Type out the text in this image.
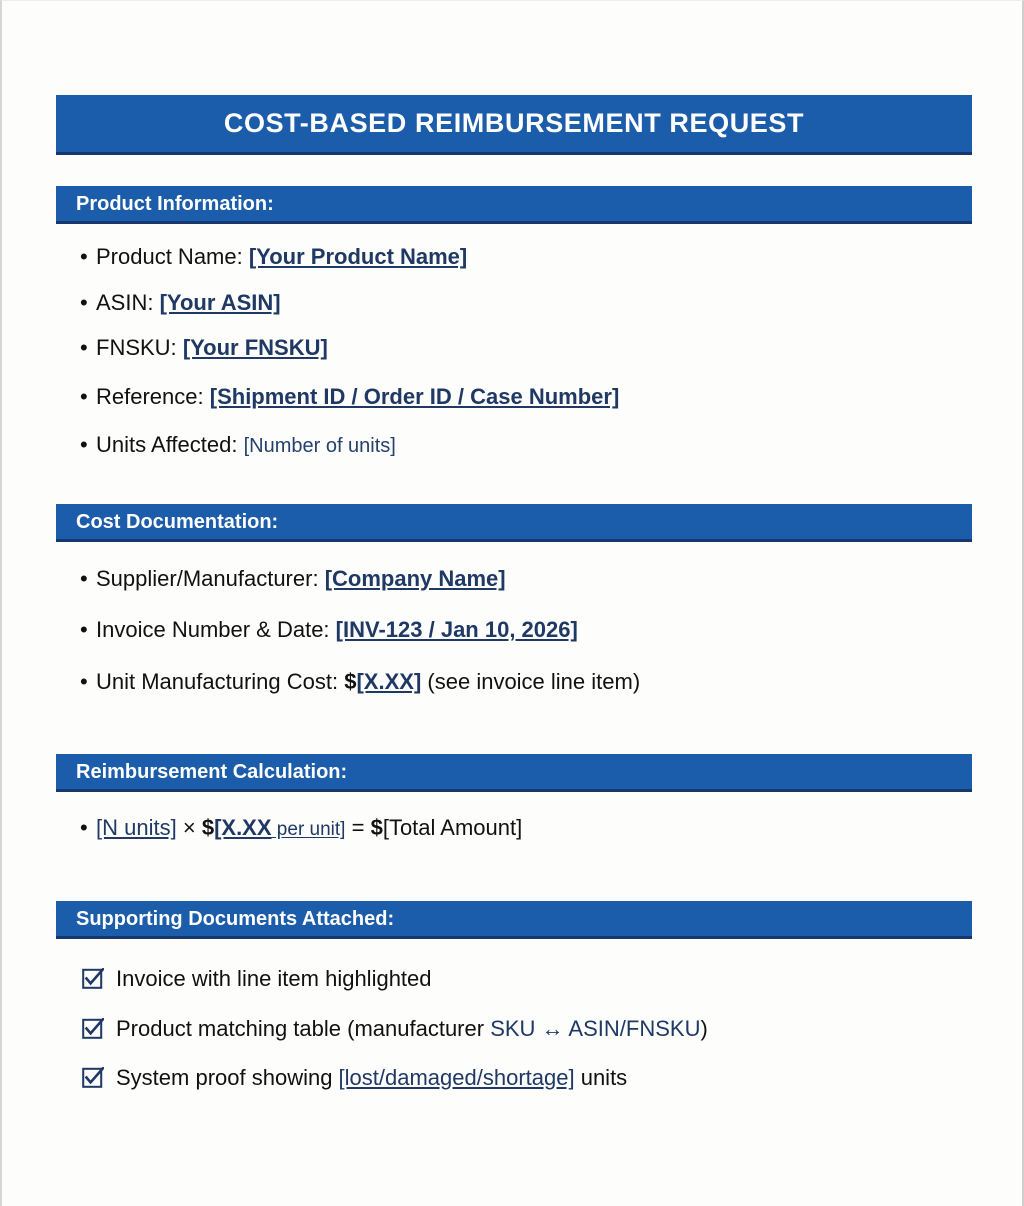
COST-BASED REIMBURSEMENT REQUEST
Product Information:
• Product Name: [Your Product Name]
• ASIN: [Your ASIN]
• FNSKU: [Your FNSKU]
• Reference: [Shipment ID / Order ID / Case Number]
• Units Affected: [Number of units]
Cost Documentation:
• Supplier/Manufacturer: [Company Name]
• Invoice Number & Date: [INV-123 / Jan 10, 2026]
• Unit Manufacturing Cost: $[X.XX] (see invoice line item)
Reimbursement Calculation:
• [N units] × $[X.XX per unit] = $[Total Amount]
Supporting Documents Attached:
Invoice with line item highlighted
Product matching table (manufacturer SKU ↔ ASIN/FNSKU)
System proof showing [lost/damaged/shortage] units
